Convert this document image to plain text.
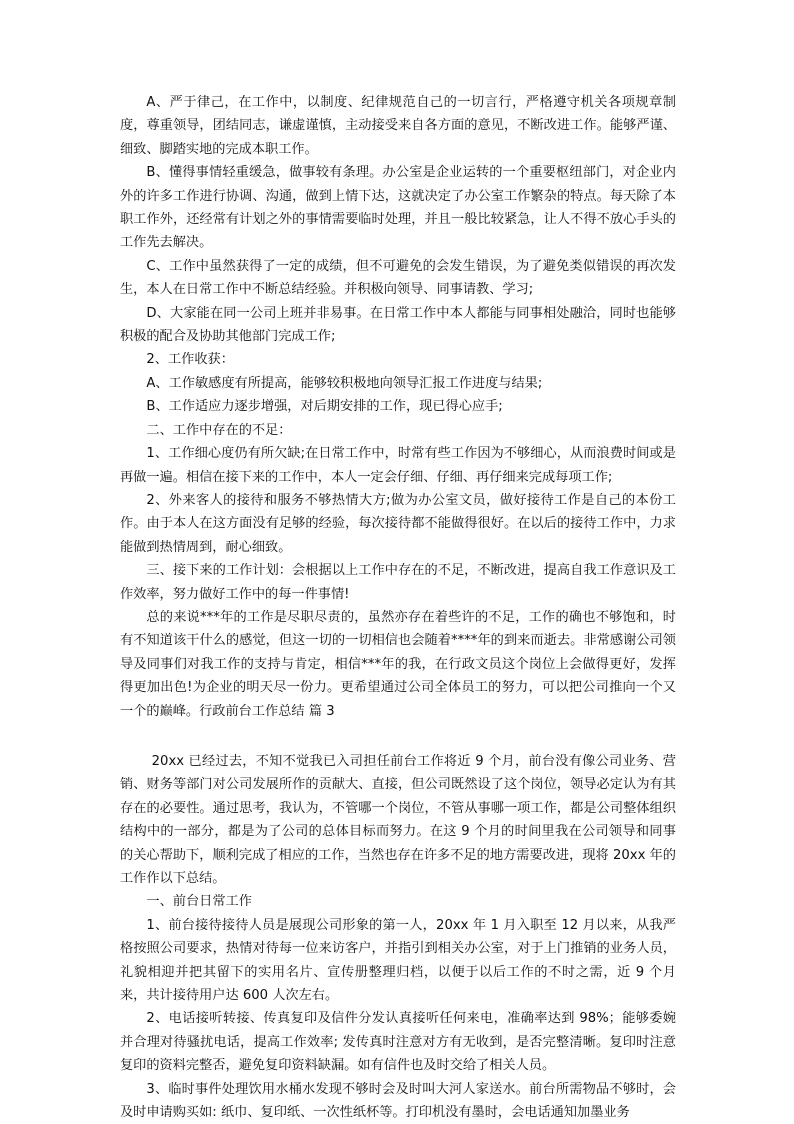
A、严于律己，在工作中，以制度、纪律规范自己的一切言行，严格遵守机关各项规章制度，尊重领导，团结同志，谦虚谨慎，主动接受来自各方面的意见，不断改进工作。能够严谨、细致、脚踏实地的完成本职工作。

B、懂得事情轻重缓急，做事较有条理。办公室是企业运转的一个重要枢纽部门，对企业内外的许多工作进行协调、沟通，做到上情下达，这就决定了办公室工作繁杂的特点。每天除了本职工作外，还经常有计划之外的事情需要临时处理，并且一般比较紧急，让人不得不放心手头的工作先去解决。

C、工作中虽然获得了一定的成绩，但不可避免的会发生错误，为了避免类似错误的再次发生，本人在日常工作中不断总结经验。并积极向领导、同事请教、学习;

D、大家能在同一公司上班并非易事。在日常工作中本人都能与同事相处融洽，同时也能够积极的配合及协助其他部门完成工作;

2、工作收获：

A、工作敏感度有所提高，能够较积极地向领导汇报工作进度与结果;

B、工作适应力逐步增强，对后期安排的工作，现已得心应手;

二、工作中存在的不足：

1、工作细心度仍有所欠缺;在日常工作中，时常有些工作因为不够细心，从而浪费时间或是再做一遍。相信在接下来的工作中，本人一定会仔细、仔细、再仔细来完成每项工作;

2、外来客人的接待和服务不够热情大方;做为办公室文员，做好接待工作是自己的本份工作。由于本人在这方面没有足够的经验，每次接待都不能做得很好。在以后的接待工作中，力求能做到热情周到，耐心细致。

三、接下来的工作计划：会根据以上工作中存在的不足，不断改进，提高自我工作意识及工作效率，努力做好工作中的每一件事情!

总的来说***年的工作是尽职尽责的，虽然亦存在着些许的不足，工作的确也不够饱和，时有不知道该干什么的感觉，但这一切的一切相信也会随着****年的到来而逝去。非常感谢公司领导及同事们对我工作的支持与肯定，相信***年的我，在行政文员这个岗位上会做得更好，发挥得更加出色!为企业的明天尽一份力。更希望通过公司全体员工的努力，可以把公司推向一个又一个的巅峰。行政前台工作总结 篇 3

20xx 已经过去，不知不觉我已入司担任前台工作将近 9 个月，前台没有像公司业务、营销、财务等部门对公司发展所作的贡献大、直接，但公司既然设了这个岗位，领导必定认为有其存在的必要性。通过思考，我认为，不管哪一个岗位，不管从事哪一项工作，都是公司整体组织结构中的一部分，都是为了公司的总体目标而努力。在这 9 个月的时间里我在公司领导和同事的关心帮助下，顺利完成了相应的工作，当然也存在许多不足的地方需要改进，现将 20xx 年的工作作以下总结。

一、前台日常工作

1、前台接待接待人员是展现公司形象的第一人，20xx 年 1 月入职至 12 月以来，从我严格按照公司要求，热情对待每一位来访客户，并指引到相关办公室，对于上门推销的业务人员，礼貌相迎并把其留下的实用名片、宣传册整理归档，以便于以后工作的不时之需，近 9 个月来，共计接待用户达 600 人次左右。

2、电话接听转接、传真复印及信件分发认真接听任何来电，准确率达到 98%；能够委婉并合理对待骚扰电话，提高工作效率; 发传真时注意对方有无收到，是否完整清晰。复印时注意复印的资料完整否，避免复印资料缺漏。如有信件也及时交给了相关人员。

3、临时事件处理饮用水桶水发现不够时会及时叫大河人家送水。前台所需物品不够时，会及时申请购买如: 纸巾、复印纸、一次性纸杯等。打印机没有墨时，会电话通知加墨业务
